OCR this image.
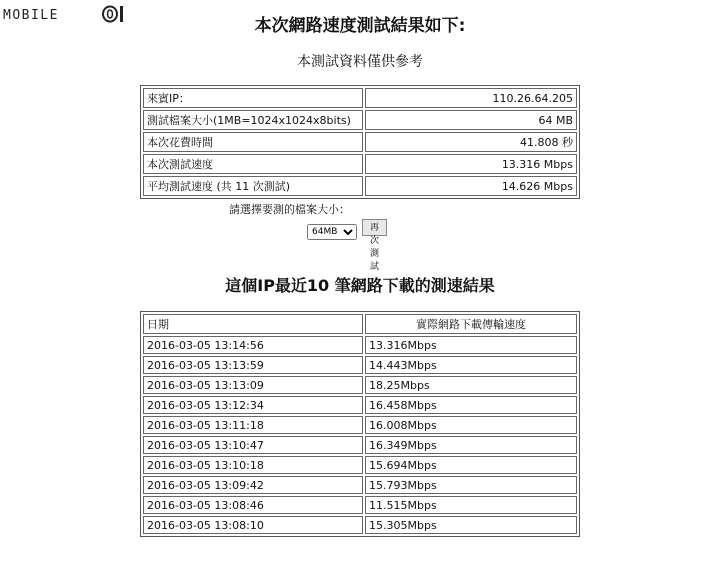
MOBILE
本次網路速度測試結果如下:
本測試資料僅供參考
來賓IP：	110.26.64.205
測試檔案大小(1MB=1024x1024x8bits)	64 MB
本次花費時間	41.808 秒
本次測試速度	13.316 Mbps
平均測試速度 (共 11 次測試)	14.626 Mbps
請選擇要測的檔案大小：
64MB
再次測試
這個IP最近10 筆網路下載的測速結果
日期	實際網路下載傳輸速度
2016-03-05 13:14:56	13.316Mbps
2016-03-05 13:13:59	14.443Mbps
2016-03-05 13:13:09	18.25Mbps
2016-03-05 13:12:34	16.458Mbps
2016-03-05 13:11:18	16.008Mbps
2016-03-05 13:10:47	16.349Mbps
2016-03-05 13:10:18	15.694Mbps
2016-03-05 13:09:42	15.793Mbps
2016-03-05 13:08:46	11.515Mbps
2016-03-05 13:08:10	15.305Mbps
